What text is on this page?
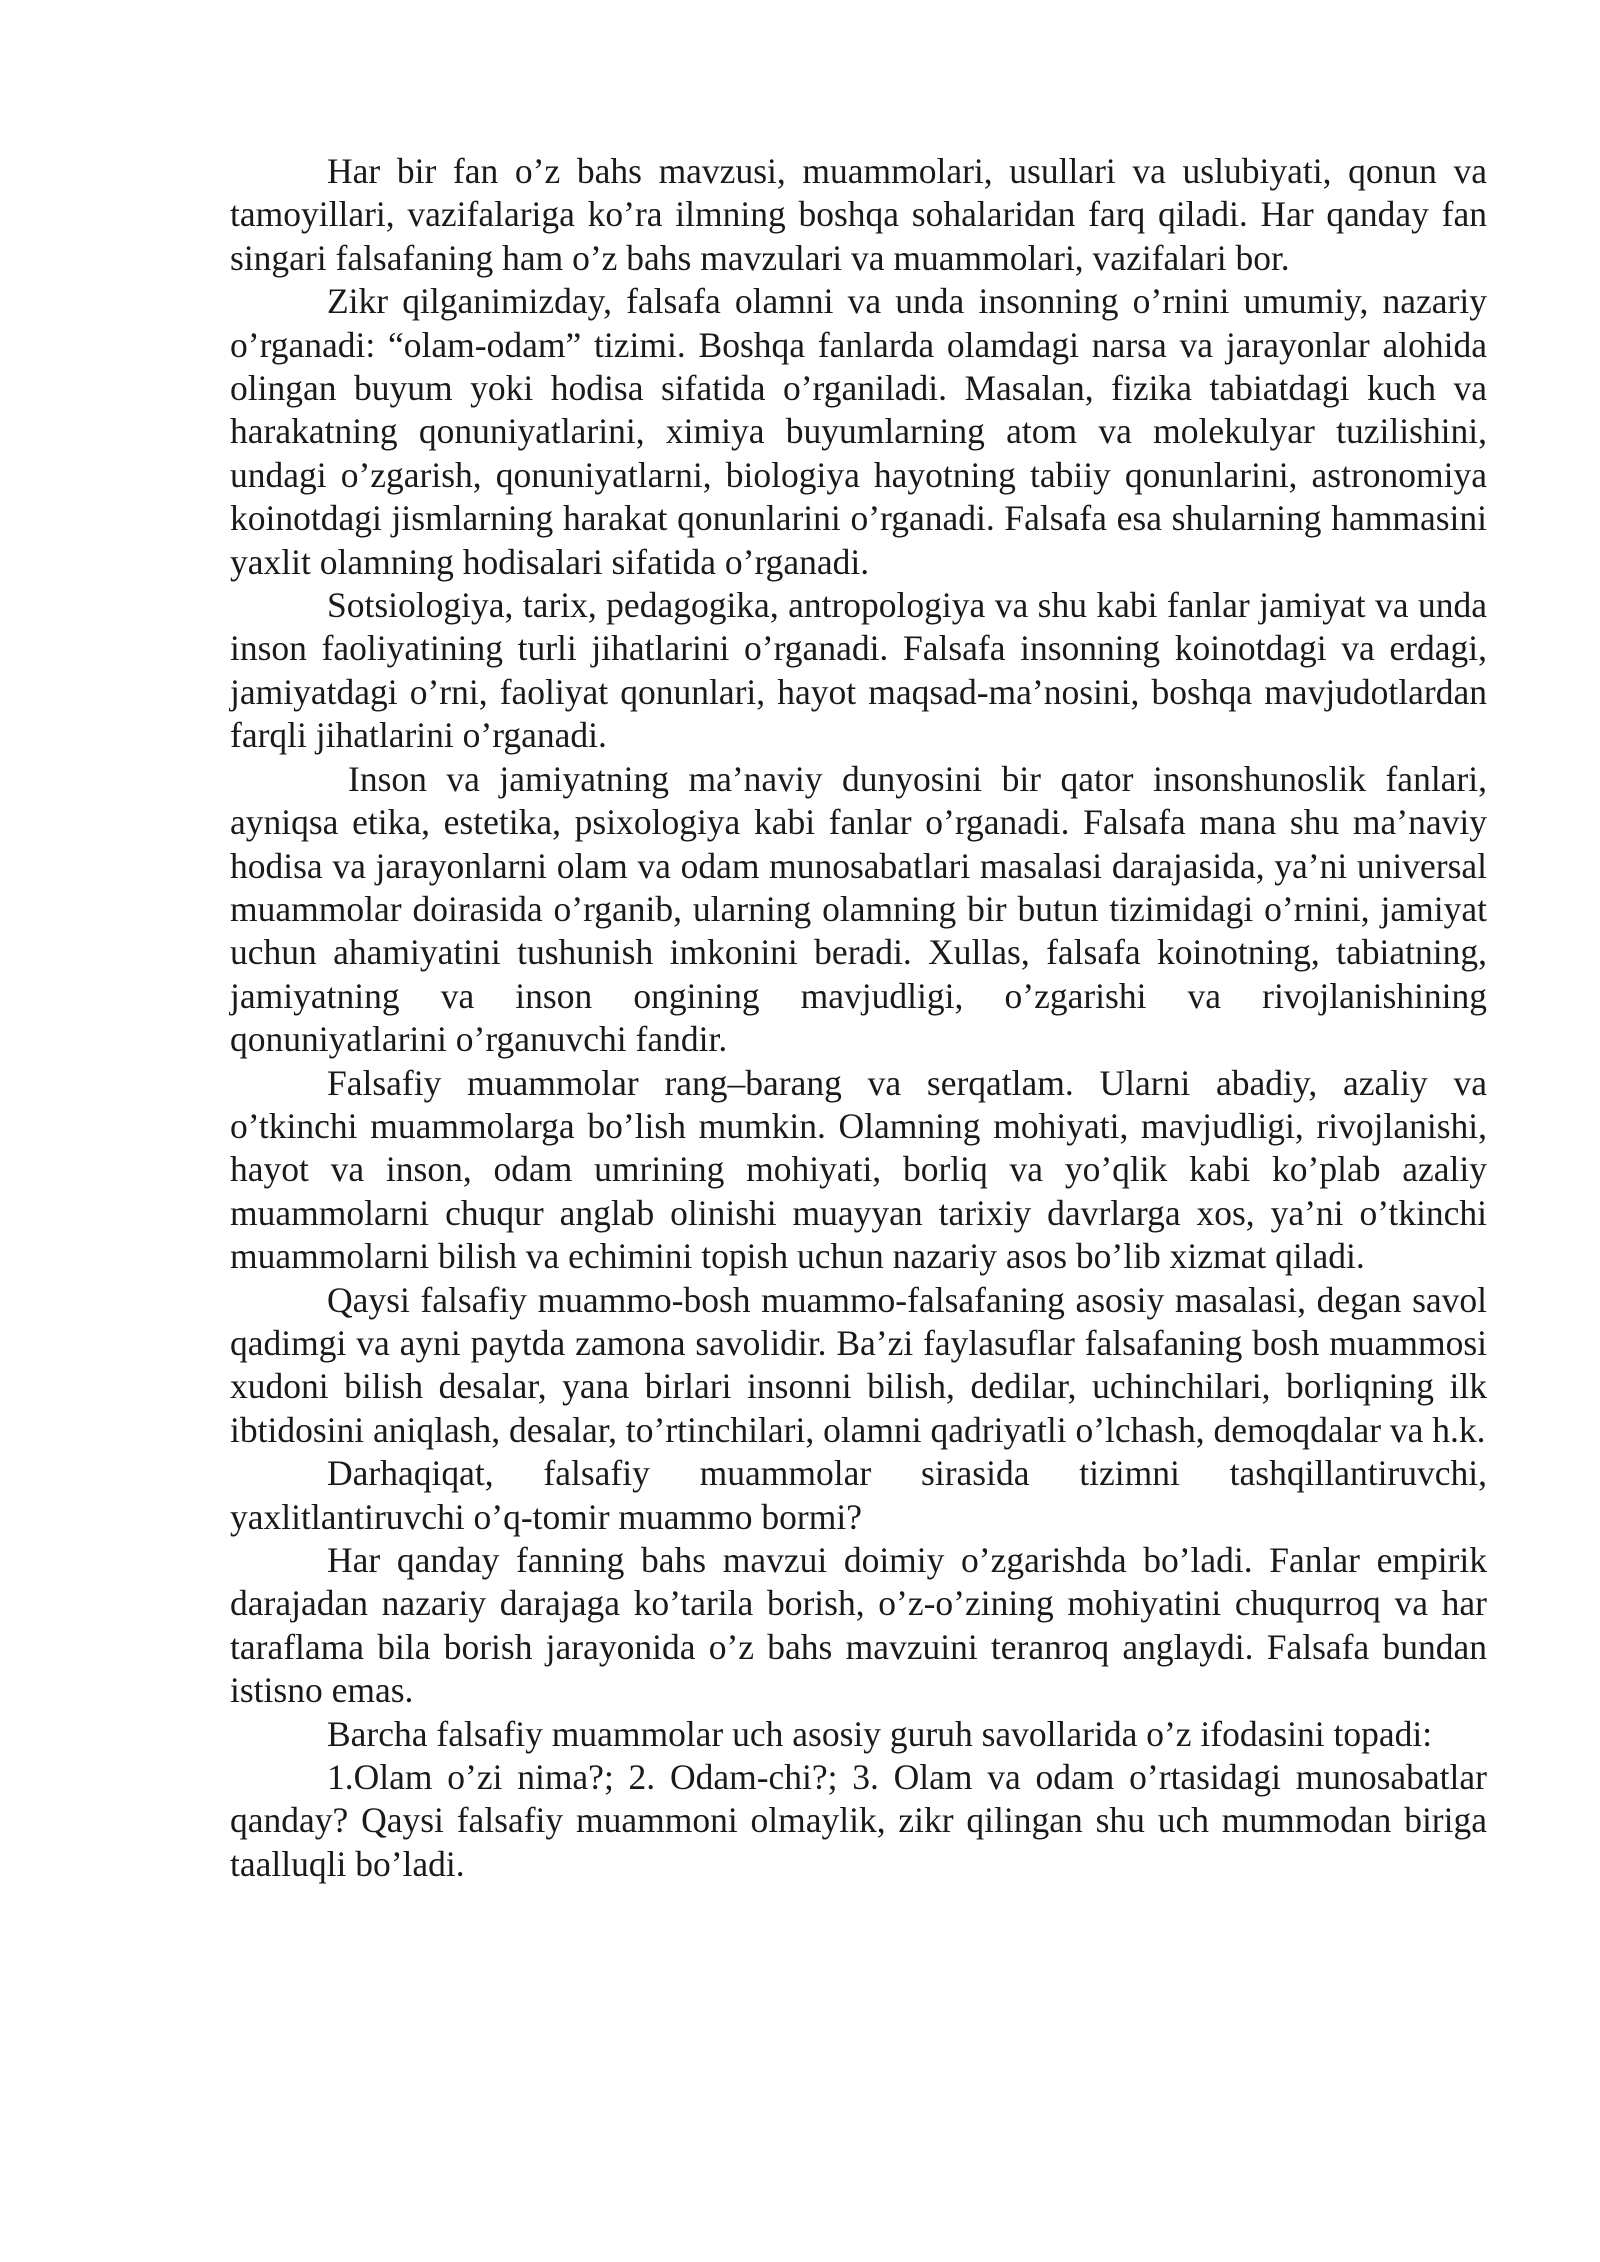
Har bir fan o’z bahs mavzusi, muammolari, usullari va uslubiyati, qonun va tamoyillari, vazifalariga ko’ra ilmning boshqa sohalaridan farq qiladi. Har qanday fan singari falsafaning ham o’z bahs mavzulari va muammolari, vazifalari bor.

Zikr qilganimizday, falsafa olamni va unda insonning o’rnini umumiy, nazariy o’rganadi: “olam-odam” tizimi. Boshqa fanlarda olamdagi narsa va jarayonlar alohida olingan buyum yoki hodisa sifatida o’rganiladi. Masalan, fizika tabiatdagi kuch va harakatning qonuniyatlarini, ximiya buyumlarning atom va molekulyar tuzilishini, undagi o’zgarish, qonuniyatlarni, biologiya hayotning tabiiy qonunlarini, astronomiya koinotdagi jismlarning harakat qonunlarini o’rganadi. Falsafa esa shularning hammasini yaxlit olamning hodisalari sifatida o’rganadi.

Sotsiologiya, tarix, pedagogika, antropologiya va shu kabi fanlar jamiyat va unda inson faoliyatining turli jihatlarini o’rganadi. Falsafa insonning koinotdagi va erdagi, jamiyatdagi o’rni, faoliyat qonunlari, hayot maqsad-ma’nosini, boshqa mavjudotlardan farqli jihatlarini o’rganadi.

Inson va jamiyatning ma’naviy dunyosini bir qator insonshunoslik fanlari, ayniqsa etika, estetika, psixologiya kabi fanlar o’rganadi. Falsafa mana shu ma’naviy hodisa va jarayonlarni olam va odam munosabatlari masalasi darajasida, ya’ni universal muammolar doirasida o’rganib, ularning olamning bir butun tizimidagi o’rnini, jamiyat uchun ahamiyatini tushunish imkonini beradi. Xullas, falsafa koinotning, tabiatning, jamiyatning va inson ongining mavjudligi, o’zgarishi va rivojlanishining qonuniyatlarini o’rganuvchi fandir.

Falsafiy muammolar rang–barang va serqatlam. Ularni abadiy, azaliy va o’tkinchi muammolarga bo’lish mumkin. Olamning mohiyati, mavjudligi, rivojlanishi, hayot va inson, odam umrining mohiyati, borliq va yo’qlik kabi ko’plab azaliy muammolarni chuqur anglab olinishi muayyan tarixiy davrlarga xos, ya’ni o’tkinchi muammolarni bilish va echimini topish uchun nazariy asos bo’lib xizmat qiladi.

Qaysi falsafiy muammo-bosh muammo-falsafaning asosiy masalasi, degan savol qadimgi va ayni paytda zamona savolidir. Ba’zi faylasuflar falsafaning bosh muammosi xudoni bilish desalar, yana birlari insonni bilish, dedilar, uchinchilari, borliqning ilk ibtidosini aniqlash, desalar, to’rtinchilari, olamni qadriyatli o’lchash, demoqdalar va h.k.

Darhaqiqat, falsafiy muammolar sirasida tizimni tashqillantiruvchi, yaxlitlantiruvchi o’q-tomir muammo bormi?

Har qanday fanning bahs mavzui doimiy o’zgarishda bo’ladi. Fanlar empirik darajadan nazariy darajaga ko’tarila borish, o’z-o’zining mohiyatini chuqurroq va har taraflama bila borish jarayonida o’z bahs mavzuini teranroq anglaydi. Falsafa bundan istisno emas.

Barcha falsafiy muammolar uch asosiy guruh savollarida o’z ifodasini topadi:

1.Olam o’zi nima?; 2. Odam-chi?; 3. Olam va odam o’rtasidagi munosabatlar qanday? Qaysi falsafiy muammoni olmaylik, zikr qilingan shu uch mummodan biriga taalluqli bo’ladi.
